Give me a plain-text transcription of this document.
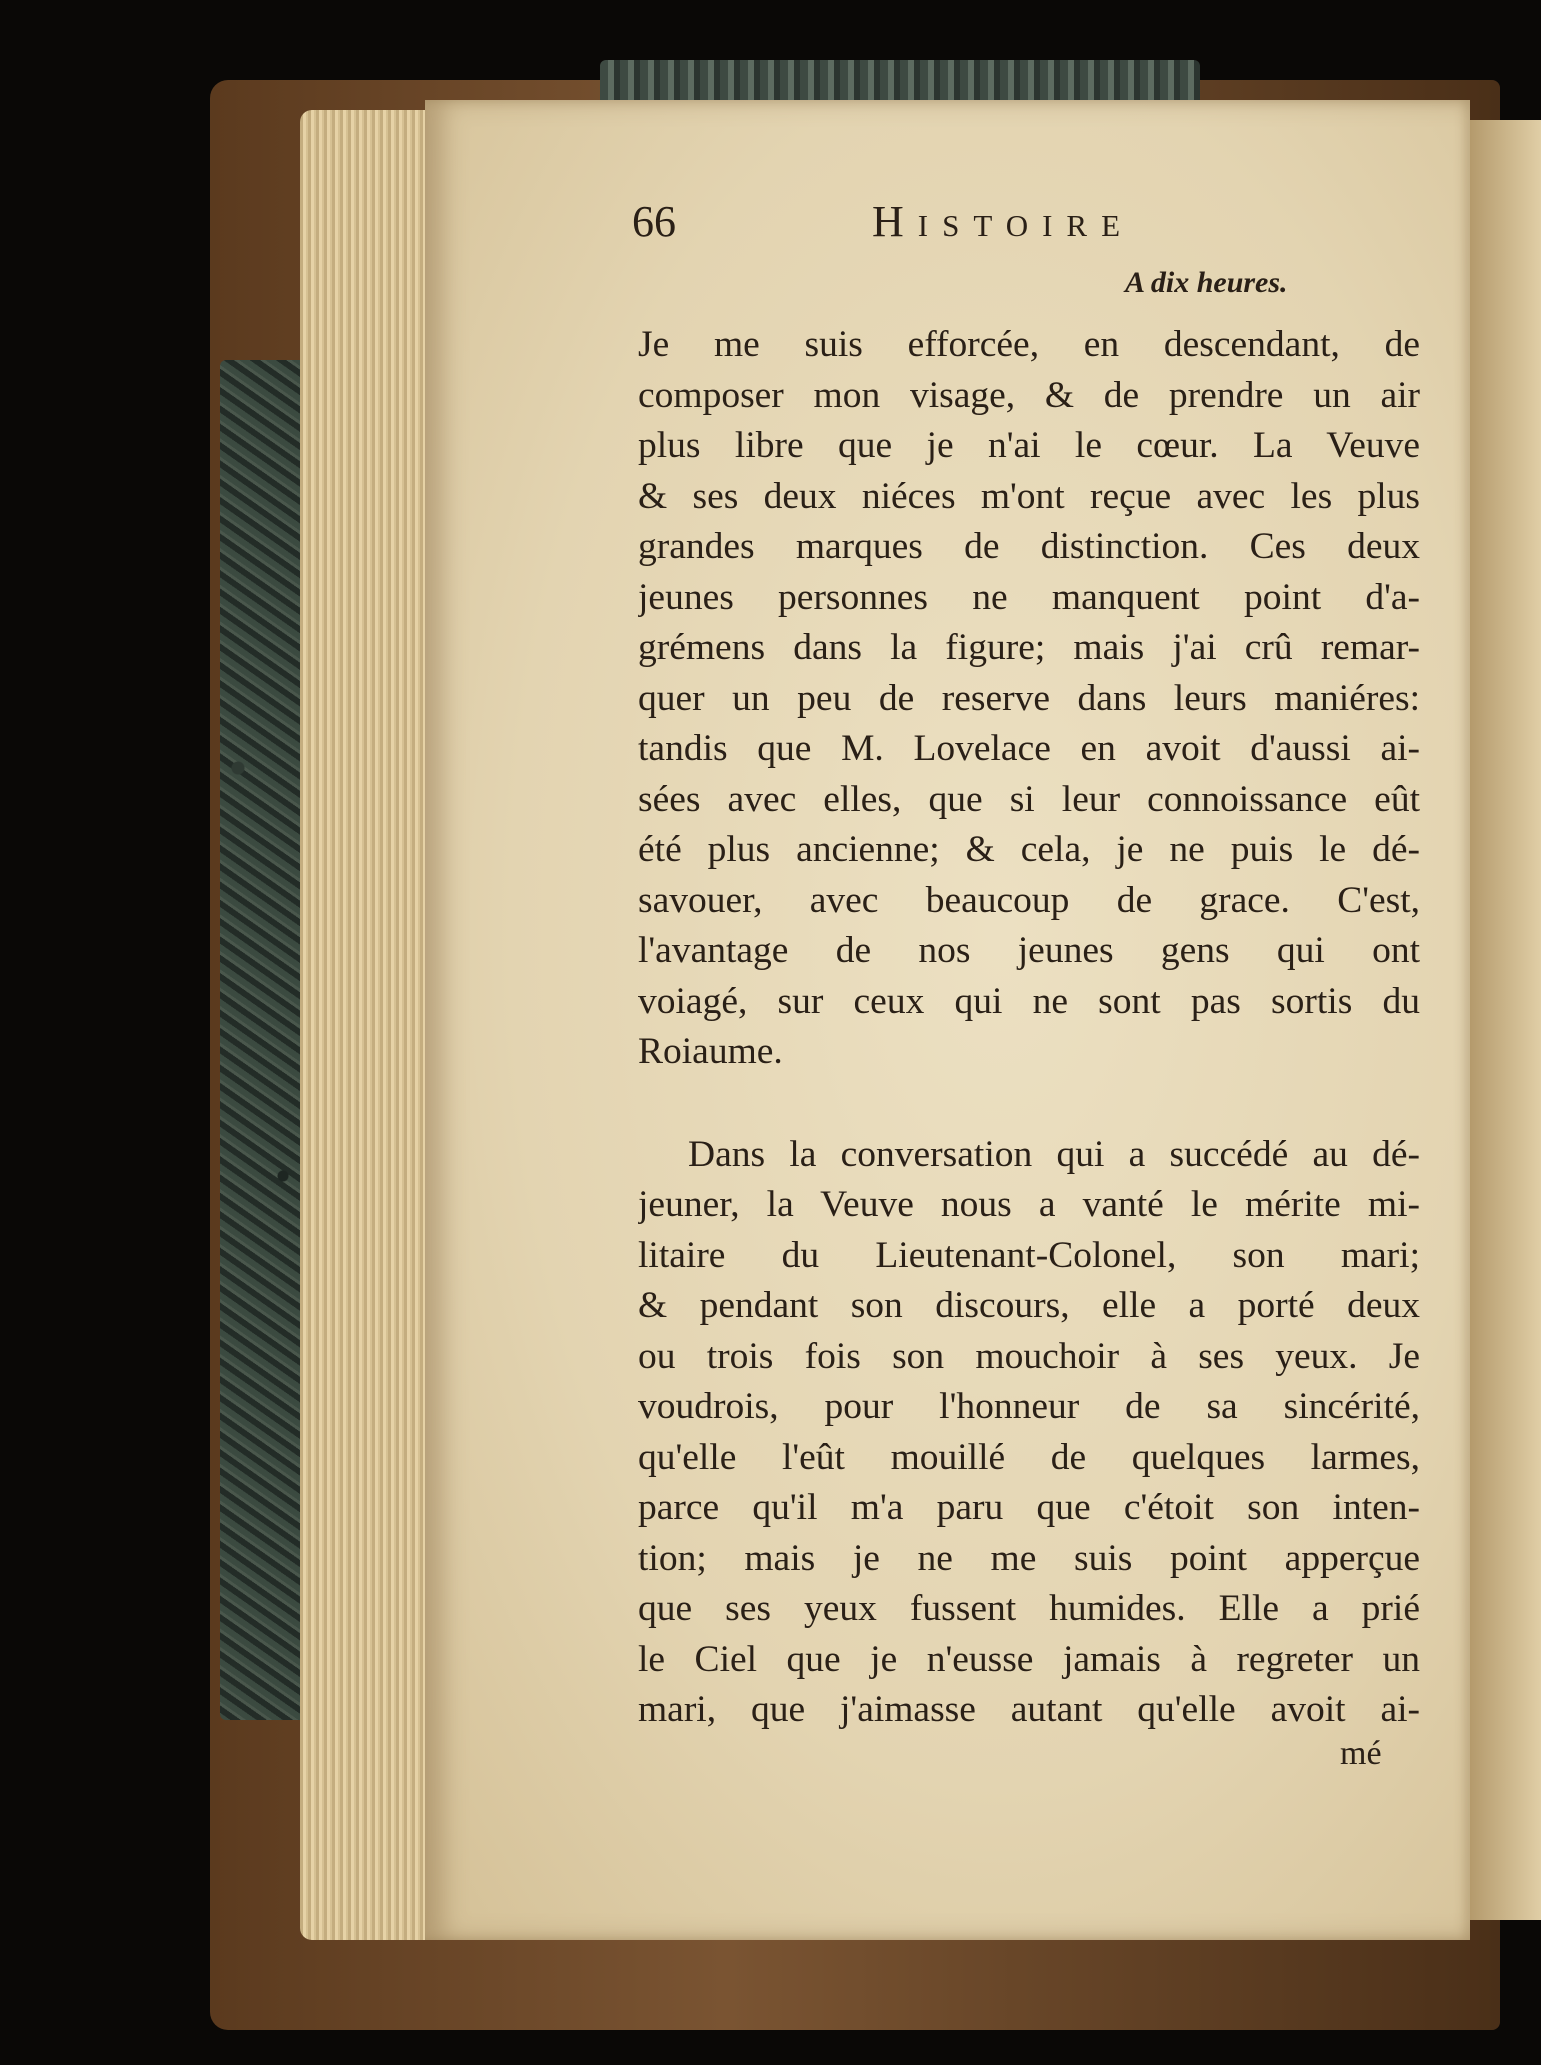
66	Histoire
A dix heures.
Je me suis efforcée, en descendant, de
composer mon visage, & de prendre un air
plus libre que je n'ai le cœur. La Veuve
& ses deux niéces m'ont reçue avec les plus
grandes marques de distinction. Ces deux
jeunes personnes ne manquent point d'a-
grémens dans la figure; mais j'ai crû remar-
quer un peu de reserve dans leurs maniéres:
tandis que M. Lovelace en avoit d'aussi ai-
sées avec elles, que si leur connoissance eût
été plus ancienne; & cela, je ne puis le dé-
savouer, avec beaucoup de grace. C'est,
l'avantage de nos jeunes gens qui ont
voiagé, sur ceux qui ne sont pas sortis du
Roiaume.
Dans la conversation qui a succédé au dé-
jeuner, la Veuve nous a vanté le mérite mi-
litaire du Lieutenant-Colonel, son mari;
& pendant son discours, elle a porté deux
ou trois fois son mouchoir à ses yeux. Je
voudrois, pour l'honneur de sa sincérité,
qu'elle l'eût mouillé de quelques larmes,
parce qu'il m'a paru que c'étoit son inten-
tion; mais je ne me suis point apperçue
que ses yeux fussent humides. Elle a prié
le Ciel que je n'eusse jamais à regreter un
mari, que j'aimasse autant qu'elle avoit ai-
mé
